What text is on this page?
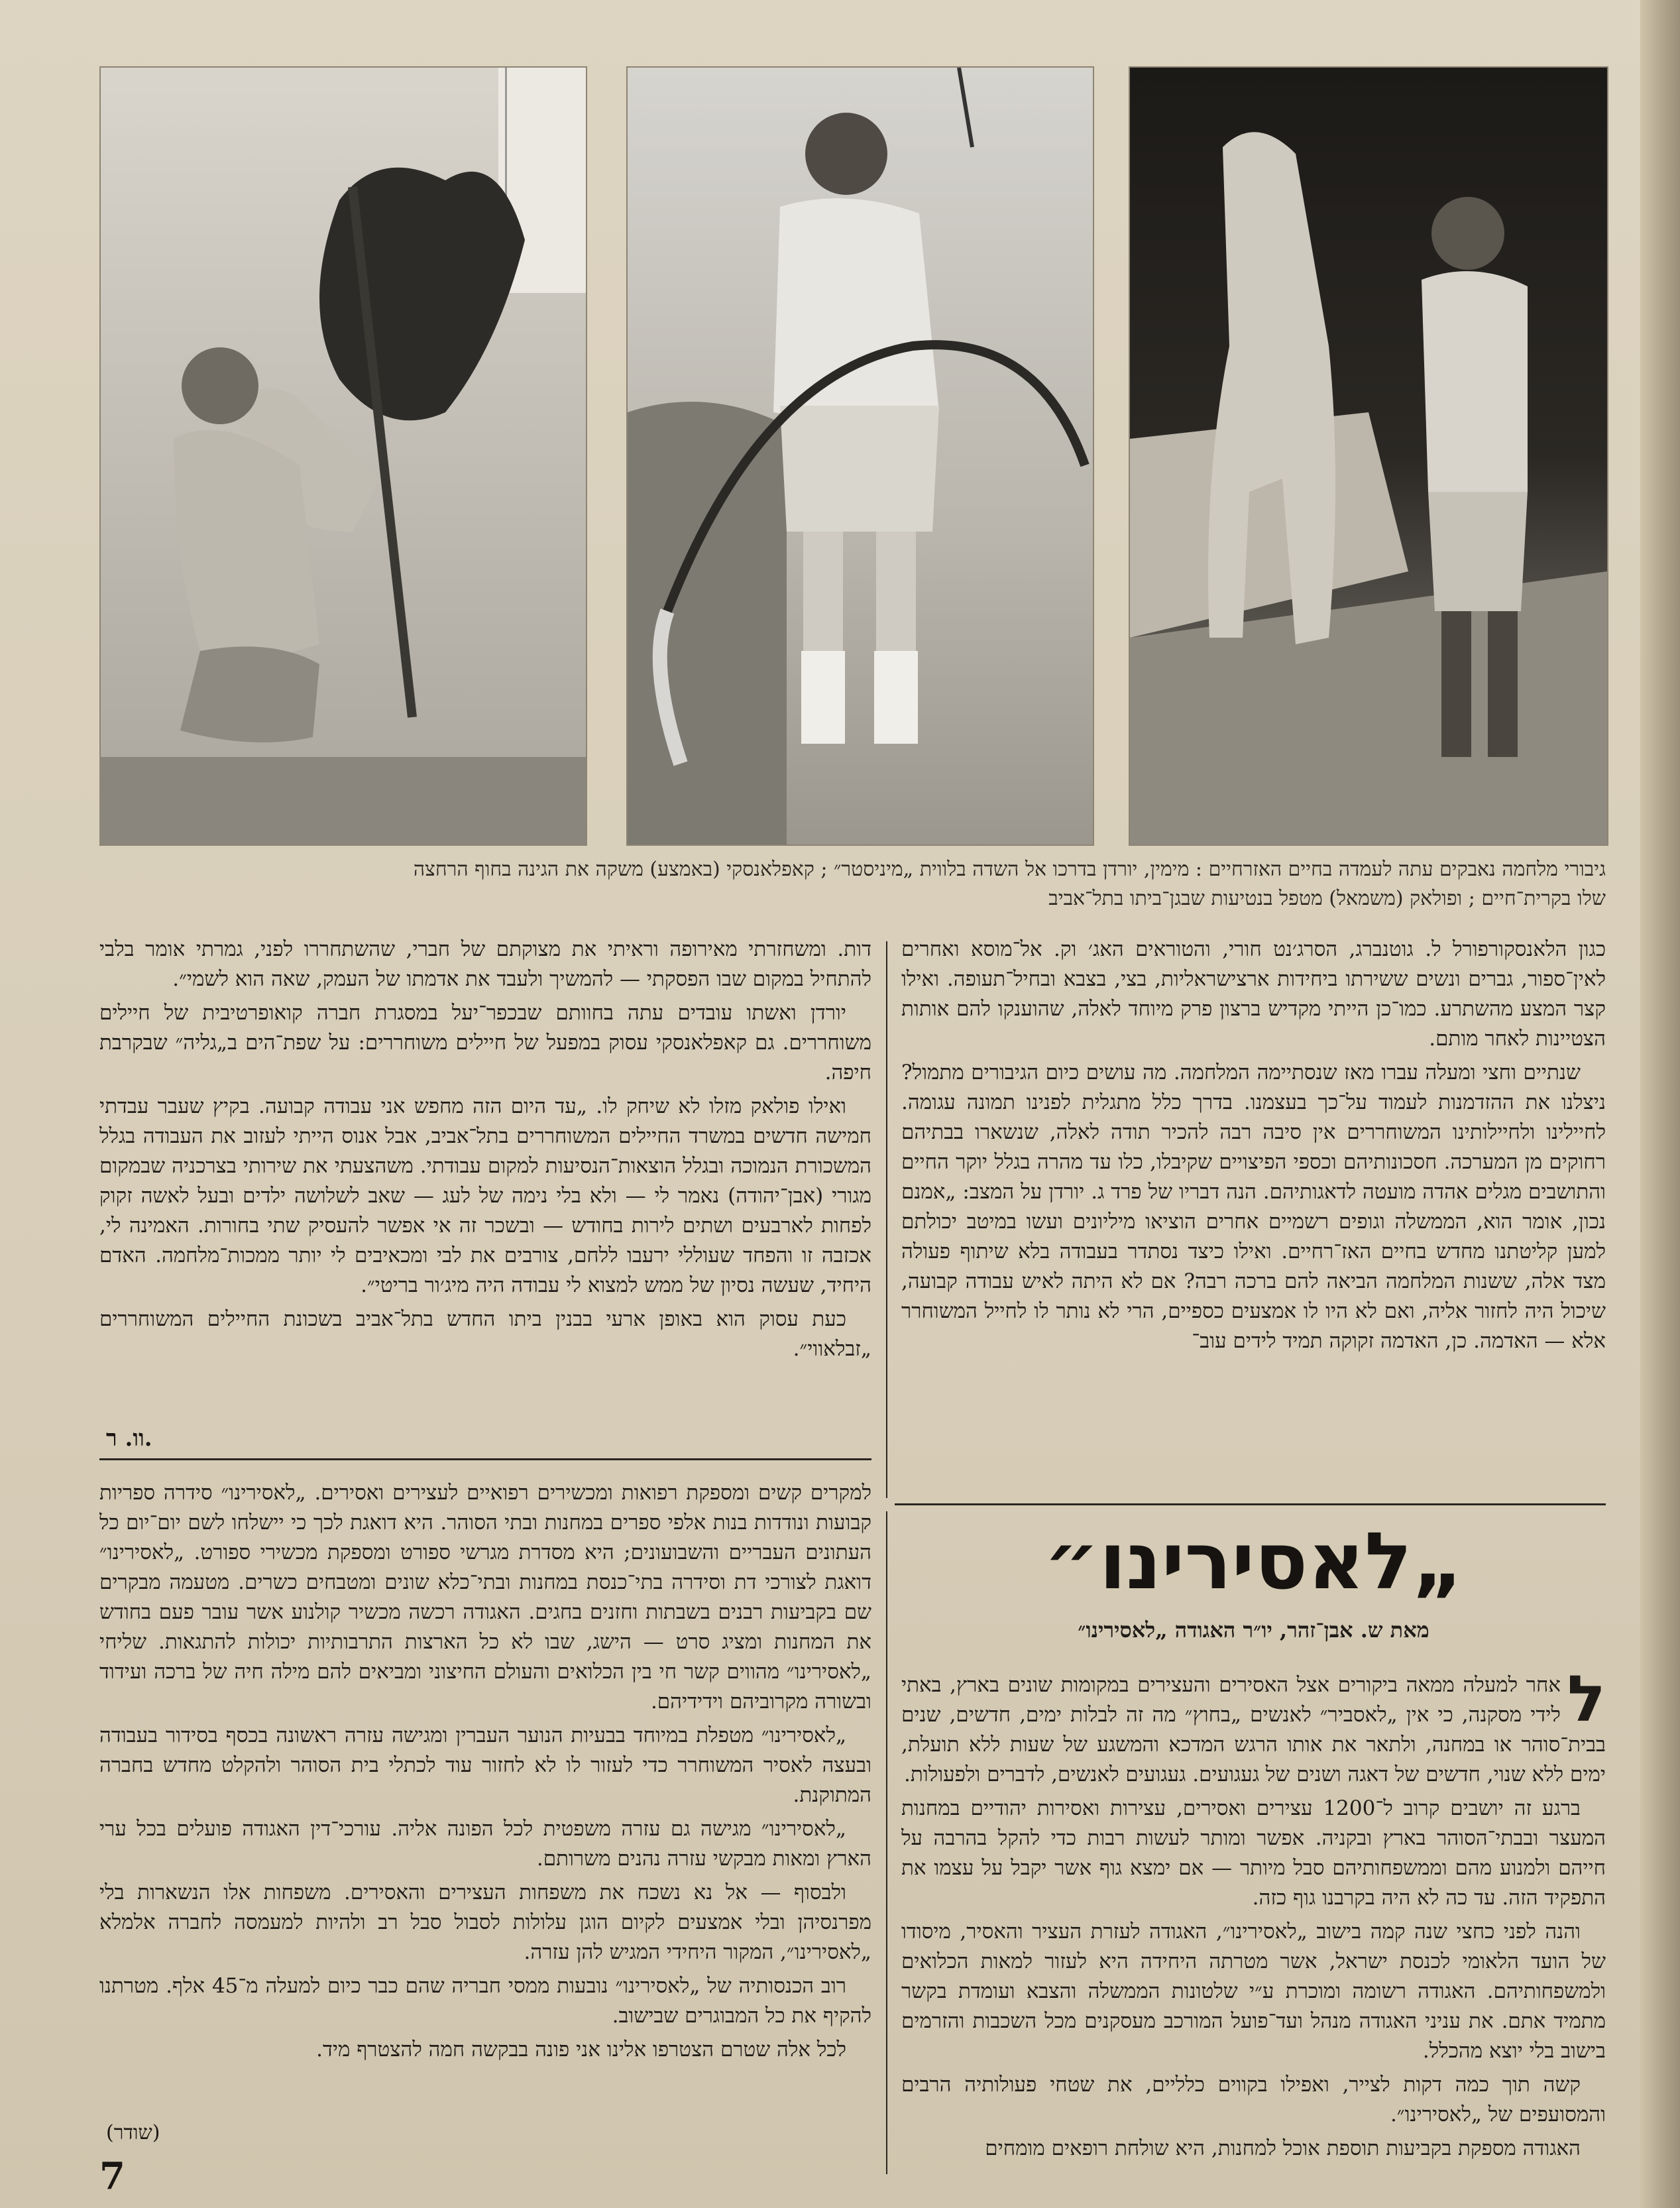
גיבורי מלחמה נאבקים עתה לעמדה בחיים האזרחיים : מימין, יורדן בדרכו אל השדה בלווית „מיניסטר״ ; קאפלאנסקי (באמצע) משקה את הגינה בחוף הרחצה
שלו בקרית־חיים ; ופולאק (משמאל) מטפל בנטיעות שבגן־ביתו בתל־אביב

כגון הלאנסקורפורל ל. גוטנברג, הסרג׳נט חורי, והטוראים האג׳ וק. אל־מוסא ואחרים לאין־ספור, גברים ונשים ששירתו ביחידות ארצישראליות, בצי, בצבא ובחיל־תעופה. ואילו קצר המצע מהשתרע. כמו־כן הייתי מקדיש ברצון פרק מיוחד לאלה, שהוענקו להם אותות הצטיינות לאחר מותם.

שנתיים וחצי ומעלה עברו מאז שנסתיימה המלחמה. מה עושים כיום הגיבורים מתמול? ניצלנו את ההזדמנות לעמוד על־כך בעצמנו. בדרך כלל מתגלית לפנינו תמונה עגומה. לחיילינו ולחיילותינו המשוחררים אין סיבה רבה להכיר תודה לאלה, שנשארו בבתיהם רחוקים מן המערכה. חסכונותיהם וכספי הפיצויים שקיבלו, כלו עד מהרה בגלל יוקר החיים והתושבים מגלים אהדה מועטה לדאגותיהם. הנה דבריו של פרד ג. יורדן על המצב: „אמנם נכון, אומר הוא, הממשלה וגופים רשמיים אחרים הוציאו מיליונים ועשו במיטב יכולתם למען קליטתנו מחדש בחיים האז־רחיים. ואילו כיצד נסתדר בעבודה בלא שיתוף פעולה מצד אלה, ששנות המלחמה הביאה להם ברכה רבה? אם לא היתה לאיש עבודה קבועה, שיכול היה לחזור אליה, ואם לא היו לו אמצעים כספיים, הרי לא נותר לו לחייל המשוחרר אלא — האדמה. כן, האדמה זקוקה תמיד לידים עוב־

דות. ומשחזרתי מאירופה וראיתי את מצוקתם של חברי, שהשתחררו לפני, גמרתי אומר בלבי להתחיל במקום שבו הפסקתי — להמשיך ולעבד את אדמתו של העמק, שאה הוא לשמי״.

יורדן ואשתו עובדים עתה בחוותם שבכפר־יעל במסגרת חברה קואופרטיבית של חיילים משוחררים. גם קאפלאנסקי עסוק במפעל של חיילים משוחררים: על שפת־הים ב„גליה״ שבקרבת חיפה.

ואילו פולאק מזלו לא שיחק לו. „עד היום הזה מחפש אני עבודה קבועה. בקיץ שעבר עבדתי חמישה חדשים במשרד החיילים המשוחררים בתל־אביב, אבל אנוס הייתי לעזוב את העבודה בגלל המשכורת הנמוכה ובגלל הוצאות־הנסיעות למקום עבודתי. משהצעתי את שירותי בצרכניה שבמקום מגורי (אבן־יהודה) נאמר לי — ולא בלי נימה של לעג — שאב לשלושה ילדים ובעל לאשה זקוק לפחות לארבעים ושתים לירות בחודש — ובשכר זה אי אפשר להעסיק שתי בחורות. האמינה לי, אכזבה זו והפחד שעוללי ירעבו ללחם, צורבים את לבי ומכאיבים לי יותר ממכות־מלחמה. האדם היחיד, שעשה נסיון של ממש למצוא לי עבודה היה מיג׳ור בריטי״.

כעת עסוק הוא באופן ארעי בבנין ביתו החדש בתל־אביב בשכונת החיילים המשוחררים „זבלאווי״.

וו. ר.
„לאסירינו״
מאת ש. אבן־זהר, יו״ר האגודה „לאסירינו״

ל
אחר למעלה ממאה ביקורים אצל האסירים והעצירים במקומות שונים בארץ, באתי לידי מסקנה, כי אין „לאסביר״ לאנשים „בחוץ״ מה זה לבלות ימים, חדשים, שנים בבית־סוהר או במחנה, ולתאר את אותו הרגש המדכא והמשגע של שעות ללא תועלת, ימים ללא שנוי, חדשים של דאגה ושנים של געגועים. געגועים לאנשים, לדברים ולפעולות.

ברגע זה יושבים קרוב ל־1200 עצירים ואסירים, עצירות ואסירות יהודיים במחנות המעצר ובבתי־הסוהר בארץ ובקניה. אפשר ומותר לעשות רבות כדי להקל בהרבה על חייהם ולמנוע מהם וממשפחותיהם סבל מיותר — אם ימצא גוף אשר יקבל על עצמו את התפקיד הזה. עד כה לא היה בקרבנו גוף כזה.

והנה לפני כחצי שנה קמה בישוב „לאסירינו״, האגודה לעזרת העציר והאסיר, מיסודו של הועד הלאומי לכנסת ישראל, אשר מטרתה היחידה היא לעזור למאות הכלואים ולמשפחותיהם. האגודה רשומה ומוכרת ע״י שלטונות הממשלה והצבא ועומדת בקשר מתמיד אתם. את עניני האגודה מנהל ועד־פועל המורכב מעסקנים מכל השכבות והזרמים בישוב בלי יוצא מהכלל.

קשה תוך כמה דקות לצייר, ואפילו בקווים כלליים, את שטחי פעולותיה הרבים והמסועפים של „לאסירינו״.

האגודה מספקת בקביעות תוספת אוכל למחנות, היא שולחת רופאים מומחים

למקרים קשים ומספקת רפואות ומכשירים רפואיים לעצירים ואסירים. „לאסירינו״ סידרה ספריות קבועות ונודדות בנות אלפי ספרים במחנות ובתי הסוהר. היא דואגת לכך כי יישלחו לשם יום־יום כל העתונים העבריים והשבועונים; היא מסדרת מגרשי ספורט ומספקת מכשירי ספורט. „לאסירינו״ דואגת לצורכי דת וסידרה בתי־כנסת במחנות ובתי־כלא שונים ומטבחים כשרים. מטעמה מבקרים שם בקביעות רבנים בשבתות וחזנים בחגים. האגודה רכשה מכשיר קולנוע אשר עובר פעם בחודש את המחנות ומציג סרט — הישג, שבו לא כל הארצות התרבותיות יכולות להתגאות. שליחי „לאסירינו״ מהווים קשר חי בין הכלואים והעולם החיצוני ומביאים להם מילה חיה של ברכה ועידוד ובשורה מקרוביהם וידידיהם.

„לאסירינו״ מטפלת במיוחד בבעיות הנוער העברין ומגישה עזרה ראשונה בכסף בסידור בעבודה ובעצה לאסיר המשוחרר כדי לעזור לו לא לחזור עוד לכתלי בית הסוהר ולהקלט מחדש בחברה המתוקנת.

„לאסירינו״ מגישה גם עזרה משפטית לכל הפונה אליה. עורכי־דין האגודה פועלים בכל ערי הארץ ומאות מבקשי עזרה נהנים משרותם.

ולבסוף — אל נא נשכח את משפחות העצירים והאסירים. משפחות אלו הנשארות בלי מפרנסיהן ובלי אמצעים לקיום הוגן עלולות לסבול סבל רב ולהיות למעמסה לחברה אלמלא „לאסירינו״, המקור היחידי המגיש להן עזרה.

רוב הכנסותיה של „לאסירינו״ נובעות ממסי חבריה שהם כבר כיום למעלה מ־45 אלף. מטרתנו להקיף את כל המבוגרים שבישוב.

לכל אלה שטרם הצטרפו אלינו אני פונה בבקשה חמה להצטרף מיד.

(שודר)
7
